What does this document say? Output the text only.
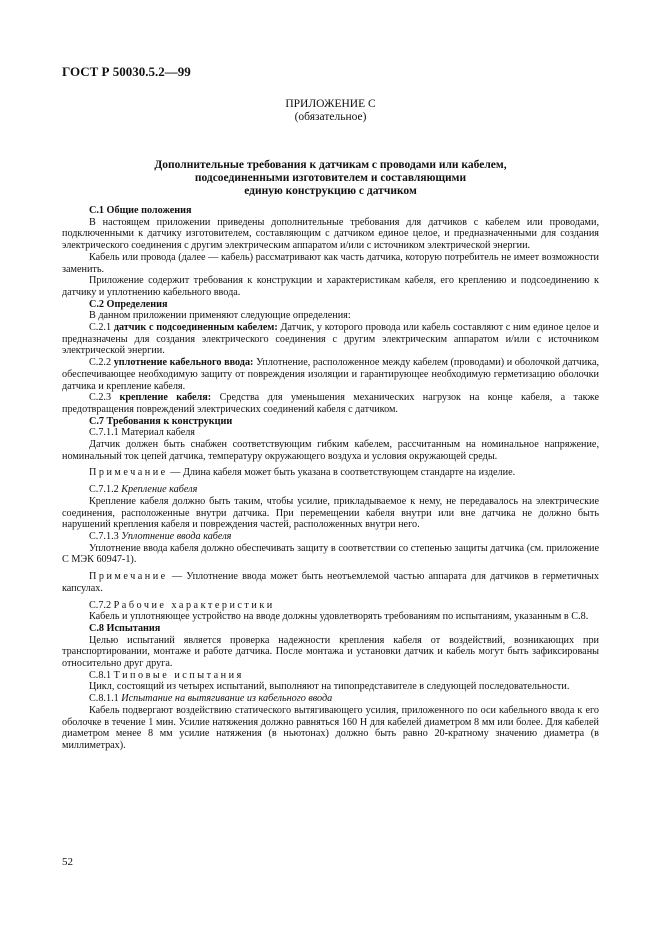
ГОСТ Р 50030.5.2—99
ПРИЛОЖЕНИЕ С
(обязательное)
Дополнительные требования к датчикам с проводами или кабелем,
подсоединенными изготовителем и составляющими
единую конструкцию с датчиком

С.1 Общие положения

В настоящем приложении приведены дополнительные требования для датчиков с кабелем или проводами, подключенными к датчику изготовителем, составляющим с датчиком единое целое, и предназначенными для создания электрического соединения с другим электрическим аппаратом и/или с источником электрической энергии.

Кабель или провода (далее — кабель) рассматривают как часть датчика, которую потребитель не имеет возможности заменить.

Приложение содержит требования к конструкции и характеристикам кабеля, его креплению и подсоединению к датчику и уплотнению кабельного ввода.

С.2 Определения

В данном приложении применяют следующие определения:

С.2.1 датчик с подсоединенным кабелем: Датчик, у которого провода или кабель составляют с ним единое целое и предназначены для создания электрического соединения с другим электрическим аппаратом и/или с источником электрической энергии.

С.2.2 уплотнение кабельного ввода: Уплотнение, расположенное между кабелем (проводами) и оболочкой датчика, обеспечивающее необходимую защиту от повреждения изоляции и гарантирующее необходимую герметизацию оболочки датчика и крепление кабеля.

С.2.3 крепление кабеля: Средства для уменьшения механических нагрузок на конце кабеля, а также предотвращения повреждений электрических соединений кабеля с датчиком.

С.7 Требования к конструкции

С.7.1.1 Материал кабеля

Датчик должен быть снабжен соответствующим гибким кабелем, рассчитанным на номинальное напряжение, номинальный ток цепей датчика, температуру окружающего воздуха и условия окружающей среды.

Примечание — Длина кабеля может быть указана в соответствующем стандарте на изделие.

С.7.1.2 Крепление кабеля

Крепление кабеля должно быть таким, чтобы усилие, прикладываемое к нему, не передавалось на электрические соединения, расположенные внутри датчика. При перемещении кабеля внутри или вне датчика не должно быть нарушений крепления кабеля и повреждения частей, расположенных внутри него.

С.7.1.3 Уплотнение ввода кабеля

Уплотнение ввода кабеля должно обеспечивать защиту в соответствии со степенью защиты датчика (см. приложение С МЭК 60947-1).

Примечание — Уплотнение ввода может быть неотъемлемой частью аппарата для датчиков в герметичных капсулах.

С.7.2 Рабочие характеристики

Кабель и уплотняющее устройство на вводе должны удовлетворять требованиям по испытаниям, указанным в С.8.

С.8 Испытания

Целью испытаний является проверка надежности крепления кабеля от воздействий, возникающих при транспортировании, монтаже и работе датчика. После монтажа и установки датчик и кабель могут быть зафиксированы относительно друг друга.

С.8.1 Типовые испытания

Цикл, состоящий из четырех испытаний, выполняют на типопредставителе в следующей последовательности.

С.8.1.1 Испытание на вытягивание из кабельного ввода

Кабель подвергают воздействию статического вытягивающего усилия, приложенного по оси кабельного ввода к его оболочке в течение 1 мин. Усилие натяжения должно равняться 160 Н для кабелей диаметром 8 мм или более. Для кабелей диаметром менее 8 мм усилие натяжения (в ньютонах) должно быть равно 20-кратному значению диаметра (в миллиметрах).

52
